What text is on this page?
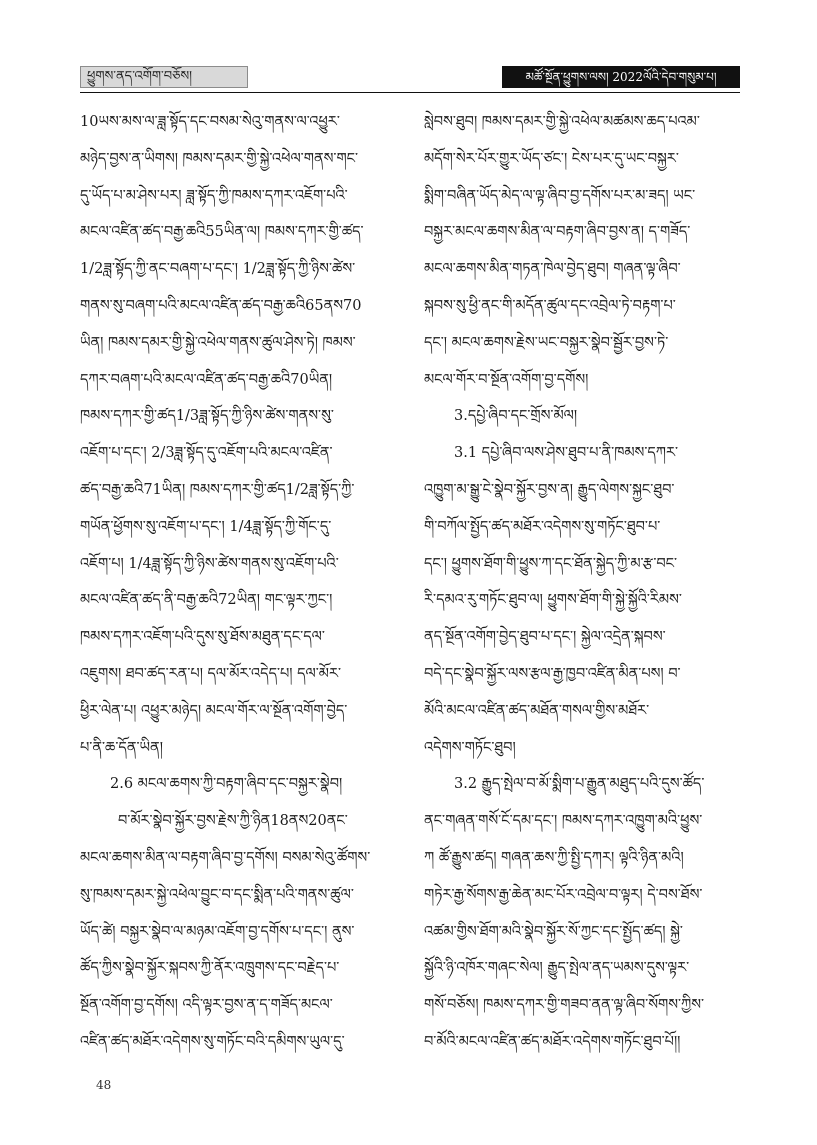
ཕྱུགས་ནད་འགོག་བཅོས།	མཚོ་སྔོན་ཕྱུགས་ལས། 2022ལོའི་དེབ་གསུམ་པ།
10ཡས་མས་ལ་ཟླ་སྟོད་དང་བསམ་སེའུ་གནས་ལ་འཕྱུར་
མཉེད་བྱས་ན་ཡིགས། ཁམས་དམར་གྱི་སྐྱེ་འཕེལ་གནས་གང་
དུ་ཡོད་པ་མ་ཤེས་པར། ཟླ་སྟོད་ཀྱི་ཁམས་དཀར་འཇོག་པའི་
མངལ་འཛིན་ཚད་བརྒྱ་ཆའི55ཡིན་ལ། ཁམས་དཀར་གྱི་ཚད་
1/2ཟླ་སྟོད་ཀྱི་ནང་བཞག་པ་དང་། 1/2ཟླ་སྟོད་ཀྱི་ཉིས་ཚེས་
གནས་སུ་བཞག་པའི་མངལ་འཛིན་ཚད་བརྒྱ་ཆའི65ནས70
ཡིན། ཁམས་དམར་གྱི་སྐྱེ་འཕེལ་གནས་ཚུལ་ཤེས་ཏེ། ཁམས་
དཀར་བཞག་པའི་མངལ་འཛིན་ཚད་བརྒྱ་ཆའི70ཡིན།
ཁམས་དཀར་གྱི་ཚད1/3ཟླ་སྟོད་ཀྱི་ཉིས་ཚེས་གནས་སུ་
འཇོག་པ་དང་། 2/3ཟླ་སྟོད་དུ་འཇོག་པའི་མངལ་འཛིན་
ཚད་བརྒྱ་ཆའི71ཡིན། ཁམས་དཀར་གྱི་ཚད1/2ཟླ་སྟོད་ཀྱི་
གཡོན་ཕྱོགས་སུ་འཇོག་པ་དང་། 1/4ཟླ་སྟོད་ཀྱི་གོང་དུ་
འཇོག་པ། 1/4ཟླ་སྟོད་ཀྱི་ཉིས་ཚེས་གནས་སུ་འཇོག་པའི་
མངལ་འཛིན་ཚད་ནི་བརྒྱ་ཆའི72ཡིན། གང་ལྟར་ཀྱང་།
ཁམས་དཀར་འཇོག་པའི་དུས་སུ་ཐོས་མཐུན་དང་དལ་
འཇུགས། ཐབ་ཚད་རན་པ། དལ་མོར་འདེད་པ། དལ་མོར་
ཕྱིར་ལེན་པ། འཕྱུར་མཉེད། མངལ་གོར་ལ་སྔོན་འགོག་བྱེད་
པ་ནི་ཆ་དོན་ཡིན།
2.6 མངལ་ཆགས་ཀྱི་བརྟག་ཞིབ་དང་བསྐྱར་སྣེབ།
བ་མོར་སྣེབ་སྐྱོར་བྱས་རྗེས་ཀྱི་ཉིན18ནས20ནང་
མངལ་ཆགས་མིན་ལ་བརྟག་ཞིབ་བྱ་དགོས། བསམ་སེའུ་ཚོགས་
སུ་ཁམས་དམར་སྐྱེ་འཕེལ་བྱུང་བ་དང་སྨིན་པའི་གནས་ཚུལ་
ཡོད་ཚེ། བསྐྱར་སྣེབ་ལ་མཉམ་འཇོག་བྱ་དགོས་པ་དང་། ནུས་
ཚོད་ཀྱིས་སྣེབ་སྐྱོར་སྐབས་ཀྱི་ནོར་འཁྲུགས་དང་བརྗེད་པ་
སྔོན་འགོག་བྱ་དགོས། འདི་ལྟར་བྱས་ན་ད་གཟོད་མངལ་
འཛིན་ཚད་མཐོར་འདེགས་སུ་གཏོང་བའི་དམིགས་ཡུལ་དུ་
སླེབས་ཐུབ། ཁམས་དམར་གྱི་སྐྱེ་འཕེལ་མཚམས་ཆད་པའམ་
མདོག་སེར་པོར་གྱུར་ཡོད་ཙང་། ངེས་པར་དུ་ཡང་བསྐྱར་
སྨིག་བཞིན་ཡོད་མེད་ལ་ལྟ་ཞིབ་བྱ་དགོས་པར་མ་ཟད། ཡང་
བསྐྱར་མངལ་ཆགས་མིན་ལ་བརྟག་ཞིབ་བྱས་ན། ད་གཟོད་
མངལ་ཆགས་མིན་གཏན་ཁེལ་བྱེད་ཐུབ། གཞན་ལྟ་ཞིབ་
སྐབས་སུ་ཕྱི་ནང་གི་མདོན་ཚུལ་དང་འབྲེལ་ཏེ་བརྟག་པ་
དང་། མངལ་ཆགས་རྗེས་ཡང་བསྐྱར་སྣེབ་སྦྱོར་བྱས་ཏེ་
མངལ་གོར་བ་སྔོན་འགོག་བྱ་དགོས།
3.དཔྱེ་ཞིབ་དང་གྲོས་མོལ།
3.1 དཔྱེ་ཞིབ་ལས་ཤེས་ཐུབ་པ་ནི་ཁམས་དཀར་
འཁྱུག་མ་སྒྱུ་ངེ་སྣེབ་སྐྱོར་བྱས་ན། རྒྱུད་ལེགས་སྐྱང་ཐུབ་
གི་བཀོལ་སྤྱོད་ཚད་མཐོར་འདེགས་སུ་གཏོང་ཐུབ་པ་
དང་། ཕྱུགས་ཐོག་གི་ཕྱུས་ཀ་དང་ཐོན་སྐྱེད་ཀྱི་མ་རྩ་བང་
རི་དམའ་རུ་གཏོང་ཐུབ་ལ། ཕྱུགས་ཐོག་གི་སྐྱེ་སྐྱོའི་རིམས་
ནད་སྔོན་འགོག་བྱེད་ཐུབ་པ་དང་། སྐྱེལ་འདྲེན་སྐབས་
བདེ་དང་སྣེབ་སྐྱོར་ལས་རྩལ་རྒྱ་ཁྱབ་འཛིན་མིན་པས། བ་
མོའི་མངལ་འཛིན་ཚད་མཐོན་གསལ་གྱིས་མཐོར་
འདེགས་གཏོང་ཐུབ།
3.2 རྒྱུད་སྤེལ་བ་མོ་སྨིག་པ་རྒྱུན་མཐུད་པའི་དུས་ཚོད་
ནང་གཞན་གསོ་ངོ་དམ་དང་། ཁམས་དཀར་འཁྱུག་མའི་ཕྱུས་
ཀ ཚོ་རྒྱུས་ཚད། གཞན་ཆས་ཀྱི་སྤྱི་དཀར། ལྟའི་ཉིན་མའི།
གཏེར་རྒྱ་སོགས་རྒྱ་ཆེན་མང་པོར་འབྲེལ་བ་ལྟར། དེ་བས་ཐོས་
འཚམ་གྱིས་ཐོག་མའི་སྣེབ་སྐྱོར་སོ་ཀྱང་དང་སྤྱོད་ཚད། སྐྱེ་
སྐྱོའི་ཉི་འཁོར་གཞང་སེལ། རྒྱུད་སྤེལ་ནད་ཡམས་དུས་ལྟར་
གསོ་བཅོས། ཁམས་དཀར་གྱི་གཟབ་ནན་ལྟ་ཞིབ་སོགས་ཀྱིས་
བ་མོའི་མངལ་འཛིན་ཚད་མཐོར་འདེགས་གཏོང་ཐུབ་པོ།།
48
